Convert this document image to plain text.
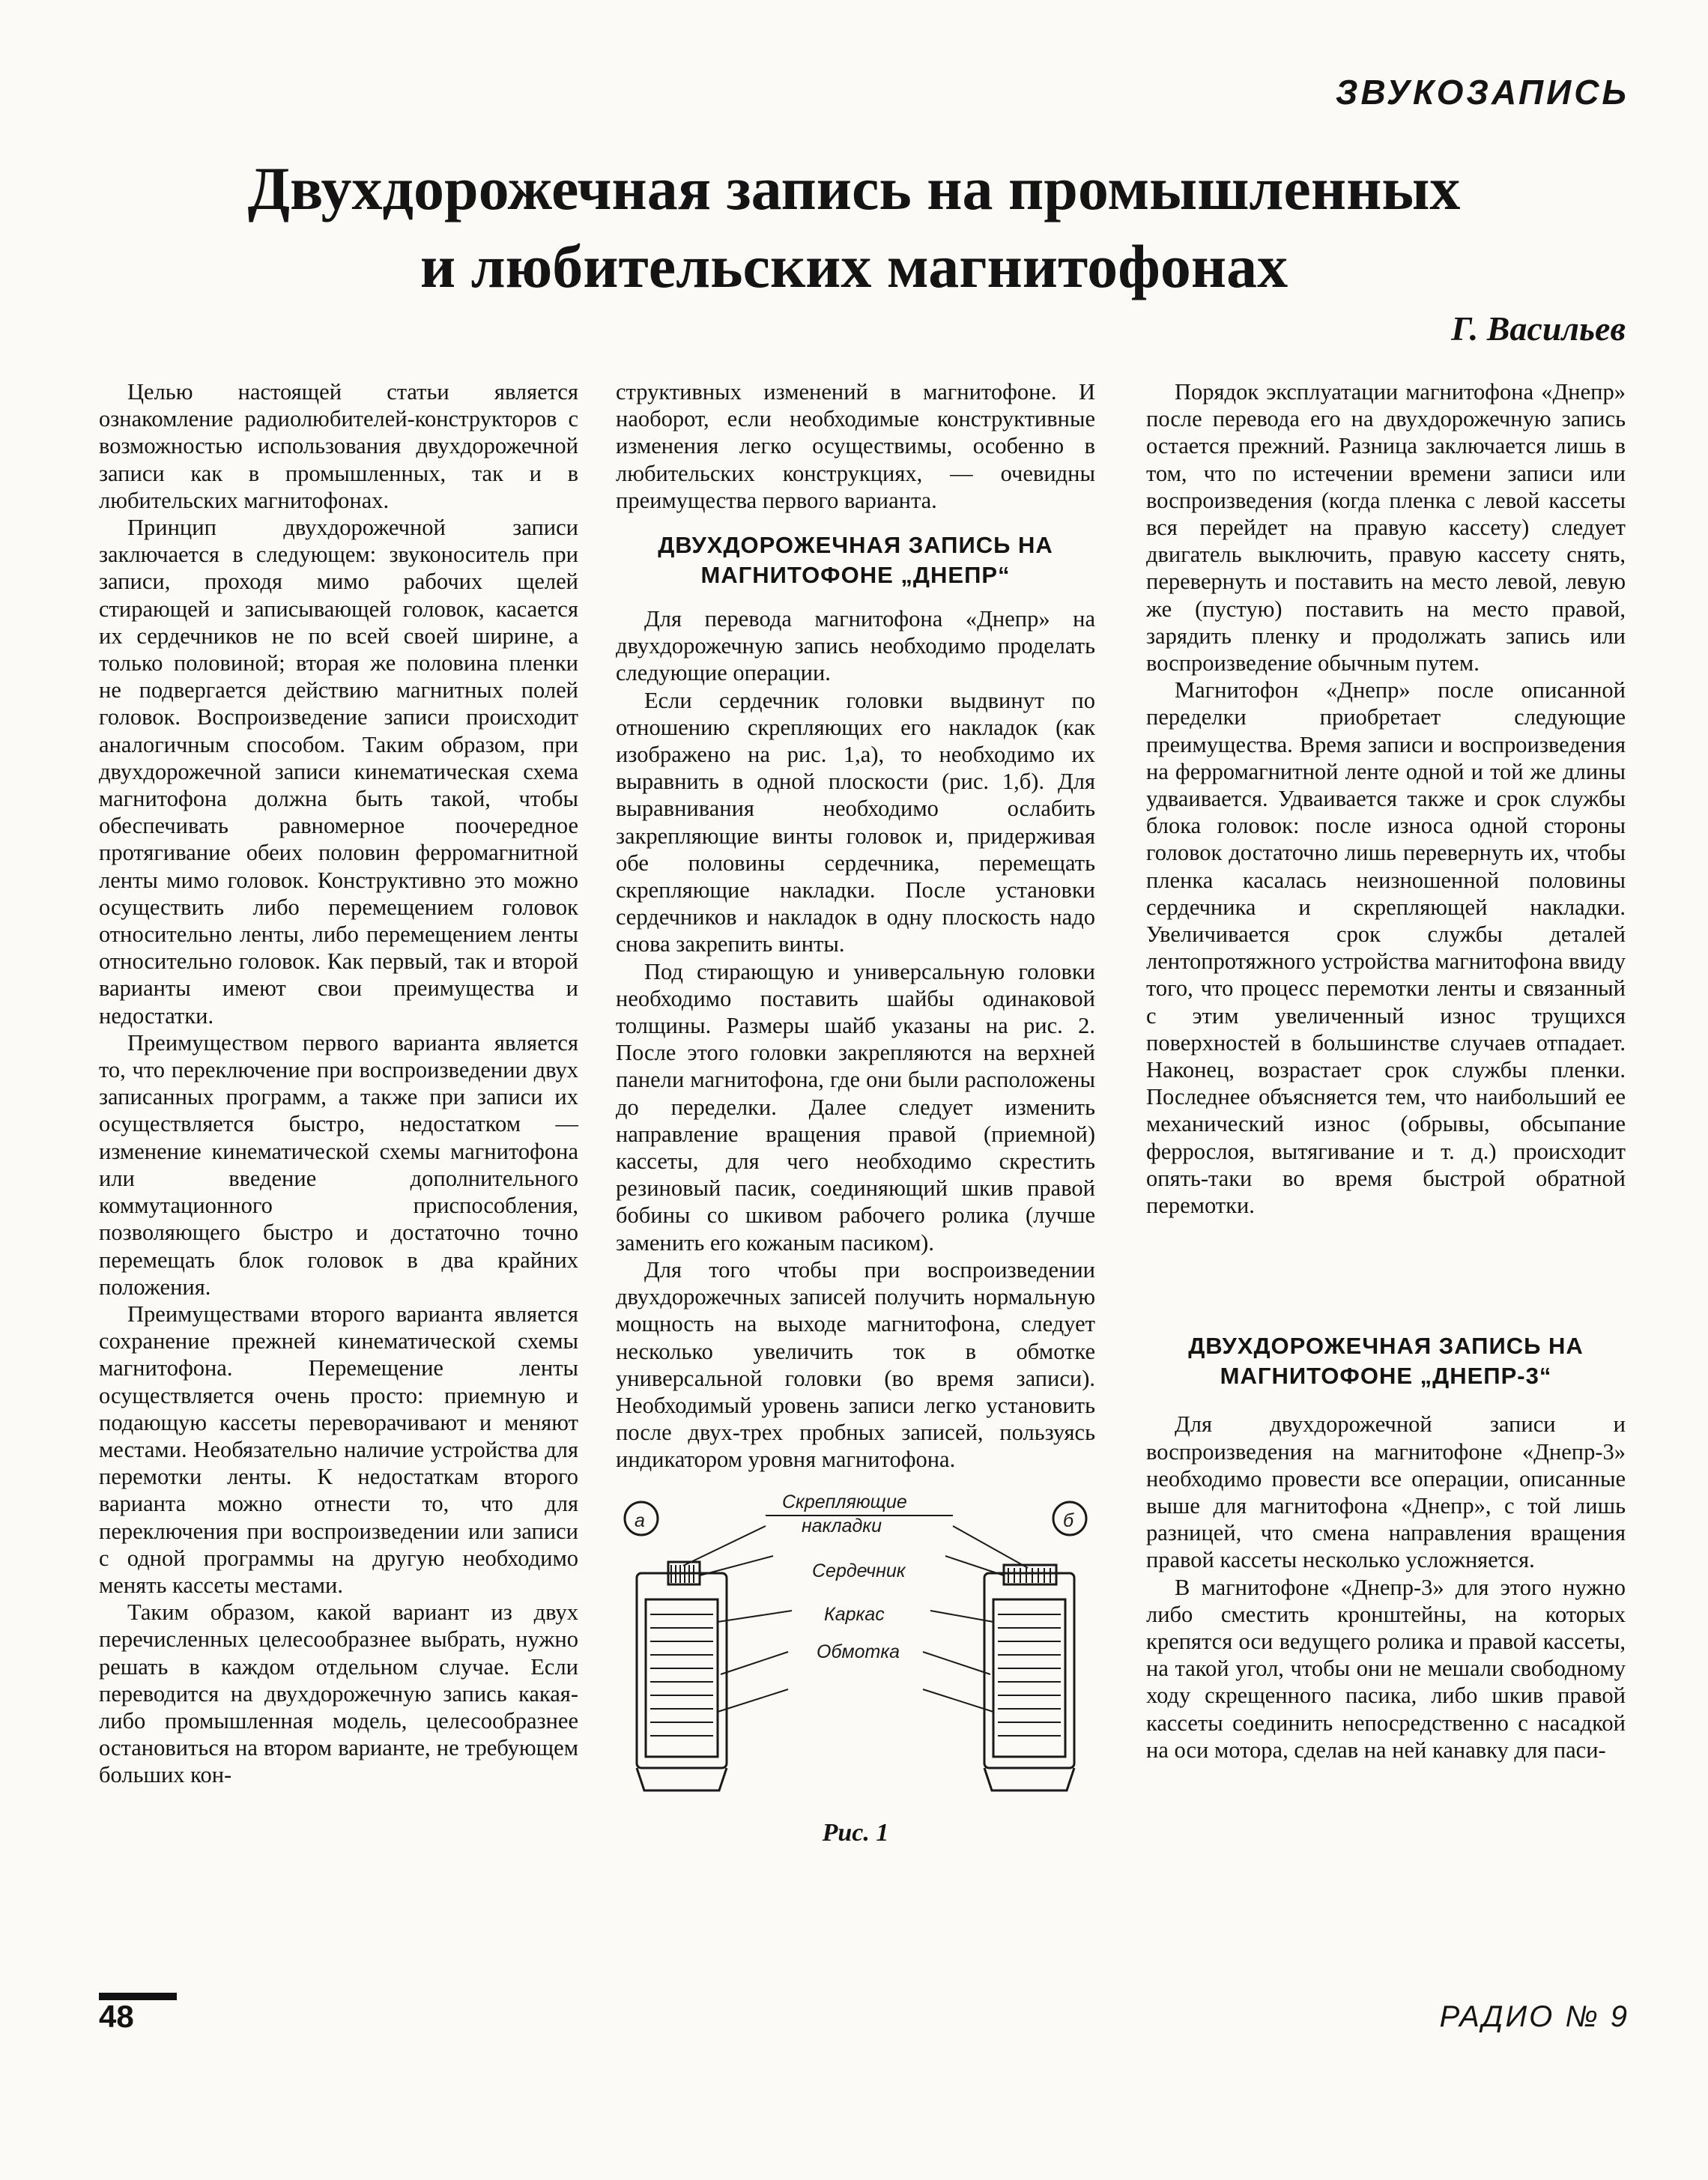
ЗВУКОЗАПИСЬ
Двухдорожечная запись на промышленных
и любительских магнитофонах
Г. Васильев

Целью настоящей статьи является ознакомление радиолюбителей-конструкторов с возможностью использования двухдорожечной записи как в промышленных, так и в любительских магнитофонах.

Принцип двухдорожечной записи заключается в следующем: звуконоситель при записи, проходя мимо рабочих щелей стирающей и записывающей головок, касается их сердечников не по всей своей ширине, а только половиной; вторая же половина пленки не подвергается действию магнитных полей головок. Воспроизведение записи происходит аналогичным способом. Таким образом, при двухдорожечной записи кинематическая схема магнитофона должна быть такой, чтобы обеспечивать равномерное поочередное протягивание обеих половин ферромагнитной ленты мимо головок. Конструктивно это можно осуществить либо перемещением головок относительно ленты, либо перемещением ленты относительно головок. Как первый, так и второй варианты имеют свои преимущества и недостатки.

Преимуществом первого варианта является то, что переключение при воспроизведении двух записанных программ, а также при записи их осуществляется быстро, недостатком — изменение кинематической схемы магнитофона или введение дополнительного коммутационного приспособления, позволяющего быстро и достаточно точно перемещать блок головок в два крайних положения.

Преимуществами второго варианта является сохранение прежней кинематической схемы магнитофона. Перемещение ленты осуществляется очень просто: приемную и подающую кассеты переворачивают и меняют местами. Необязательно наличие устройства для перемотки ленты. К недостаткам второго варианта можно отнести то, что для переключения при воспроизведении или записи с одной программы на другую необходимо менять кассеты местами.

Таким образом, какой вариант из двух перечисленных целесообразнее выбрать, нужно решать в каждом отдельном случае. Если переводится на двухдорожечную запись какая-либо промышленная модель, целесообразнее остановиться на втором варианте, не требующем больших кон-

структивных изменений в магнитофоне. И наоборот, если необходимые конструктивные изменения легко осуществимы, особенно в любительских конструкциях, — очевидны преимущества первого варианта.

ДВУХДОРОЖЕЧНАЯ ЗАПИСЬ НА МАГНИТОФОНЕ „ДНЕПР“

Для перевода магнитофона «Днепр» на двухдорожечную запись необходимо проделать следующие операции.

Если сердечник головки выдвинут по отношению скрепляющих его накладок (как изображено на рис. 1,а), то необходимо их выравнить в одной плоскости (рис. 1,б). Для выравнивания необходимо ослабить закрепляющие винты головок и, придерживая обе половины сердечника, перемещать скрепляющие накладки. После установки сердечников и накладок в одну плоскость надо снова закрепить винты.

Под стирающую и универсальную головки необходимо поставить шайбы одинаковой толщины. Размеры шайб указаны на рис. 2. После этого головки закрепляются на верхней панели магнитофона, где они были расположены до переделки. Далее следует изменить направление вращения правой (приемной) кассеты, для чего необходимо скрестить резиновый пасик, соединяющий шкив правой бобины со шкивом рабочего ролика (лучше заменить его кожаным пасиком).

Для того чтобы при воспроизведении двухдорожечных записей получить нормальную мощность на выходе магнитофона, следует несколько увеличить ток в обмотке универсальной головки (во время записи). Необходимый уровень записи легко установить после двух-трех пробных записей, пользуясь индикатором уровня магнитофона.

а	б
Скрепляющие
накладки
Сердечник
Каркас
Обмотка
Рис. 1

Порядок эксплуатации магнитофона «Днепр» после перевода его на двухдорожечную запись остается прежний. Разница заключается лишь в том, что по истечении времени записи или воспроизведения (когда пленка с левой кассеты вся перейдет на правую кассету) следует двигатель выключить, правую кассету снять, перевернуть и поставить на место левой, левую же (пустую) поставить на место правой, зарядить пленку и продолжать запись или воспроизведение обычным путем.

Магнитофон «Днепр» после описанной переделки приобретает следующие преимущества. Время записи и воспроизведения на ферромагнитной ленте одной и той же длины удваивается. Удваивается также и срок службы блока головок: после износа одной стороны головок достаточно лишь перевернуть их, чтобы пленка касалась неизношенной половины сердечника и скрепляющей накладки. Увеличивается срок службы деталей лентопротяжного устройства магнитофона ввиду того, что процесс перемотки ленты и связанный с этим увеличенный износ трущихся поверхностей в большинстве случаев отпадает. Наконец, возрастает срок службы пленки. Последнее объясняется тем, что наибольший ее механический износ (обрывы, обсыпание феррослоя, вытягивание и т. д.) происходит опять-таки во время быстрой обратной перемотки.

ДВУХДОРОЖЕЧНАЯ ЗАПИСЬ НА МАГНИТОФОНЕ „ДНЕПР-3“

Для двухдорожечной записи и воспроизведения на магнитофоне «Днепр-3» необходимо провести все операции, описанные выше для магнитофона «Днепр», с той лишь разницей, что смена направления вращения правой кассеты несколько усложняется.

В магнитофоне «Днепр-3» для этого нужно либо сместить кронштейны, на которых крепятся оси ведущего ролика и правой кассеты, на такой угол, чтобы они не мешали свободному ходу скрещенного пасика, либо шкив правой кассеты соединить непосредственно с насадкой на оси мотора, сделав на ней канавку для паси-

48	РАДИО № 9
